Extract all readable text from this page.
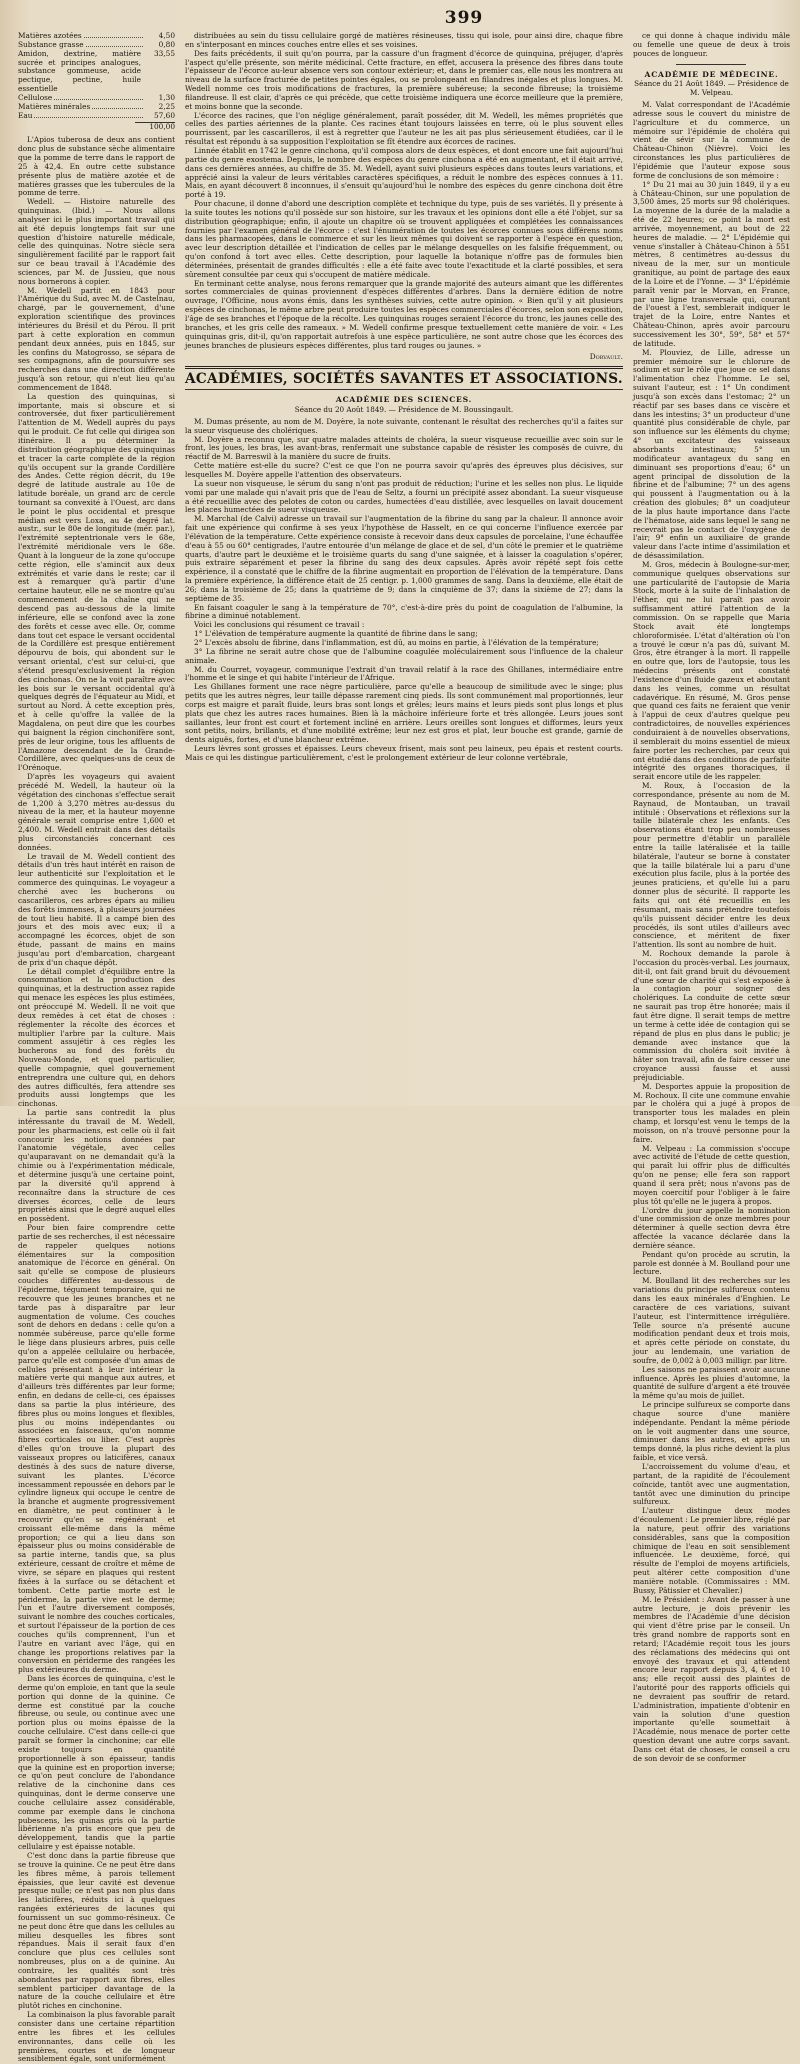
399
Matières azotées	4,50
Substance grasse	0,80
Amidon, dextrine, matière sucrée et principes analogues, substance gommeuse, acide pectique, pectine, huile essentielle
33,55
Cellulose	1,30
Matières minérales	2,25
Eau	57,60
100,00

L'Apios tuberosa de deux ans contient donc plus de substance sèche alimentaire que la pomme de terre dans le rapport de 25 à 42,4. En outre cette substance présente plus de matière azotée et de matières grasses que les tubercules de la pomme de terre.

Wedell. — Histoire naturelle des quinquinas. (Ibid.) — Nous allons analyser ici le plus important travail qui ait été depuis longtemps fait sur une question d'histoire naturelle médicale, celle des quinquinas. Notre siècle sera singulièrement facilité par le rapport fait sur ce beau travail à l'Académie des sciences, par M. de Jussieu, que nous nous bornerons à copier.

M. Wedell partit en 1843 pour l'Amérique du Sud, avec M. de Castelnau, chargé, par le gouvernement, d'une exploration scientifique des provinces intérieures du Brésil et du Pérou. Il prit part à cette exploration en commun pendant deux années, puis en 1845, sur les confins du Matogrosso, se sépara de ses compagnons, afin de poursuivre ses recherches dans une direction différente jusqu'à son retour, qui n'eut lieu qu'au commencement de 1848.

La question des quinquinas, si importante, mais si obscure et si controversée, dut fixer particulièrement l'attention de M. Wedell auprès du pays qui le produit. Ce fut celle qui dirigea son itinéraire. Il a pu déterminer la distribution géographique des quinquinas et tracer la carte complète de la région qu'ils occupent sur la grande Cordillère des Andes. Cette région décrit, du 19e degré de latitude australe au 10e de latitude boréale, un grand arc de cercle tournant sa convexité à l'Ouest, arc dans le point le plus occidental et presque médian est vers Loxa, au 4e degré lat. austr., sur le 80e de longitude (mér. par.), l'extrémité septentrionale vers le 68e, l'extrémité méridionale vers le 68e. Quant à la longueur de la zone qu'occupe cette région, elle s'amincit aux deux extrémités et varie dans le reste; car il est à remarquer qu'à partir d'une certaine hauteur, elle ne se montre qu'au commencement de la chaîne qui ne descend pas au-dessous de la limite inférieure, elle se confond avec la zone des forêts et cesse avec elle. Or, comme dans tout cet espace le versant occidental de la Cordillère est presque entièrement dépourvu de bois, qui abondent sur le versant oriental, c'est sur celui-ci, que s'étend presqu'exclusivement la région des cinchonas. On ne la voit paraître avec les bois sur le versant occidental qu'à quelques degrés de l'équateur au Midi, et surtout au Nord. À cette exception près, et à celle qu'offre la vallée de la Magdalena, on peut dire que les courbes qui baignent la région cinchonifère sont, près de leur origine, tous les affluents de l'Amazone descendant de la Grande-Cordillère, avec quelques-uns de ceux de l'Orénoque.

D'après les voyageurs qui avaient précédé M. Wedell, la hauteur où la végétation des cinchonas s'effectue serait de 1,200 à 3,270 mètres au-dessus du niveau de la mer, et la hauteur moyenne générale serait comprise entre 1,600 et 2,400. M. Wedell entrait dans des détails plus circonstanciés concernant ces données.

Le travail de M. Wedell contient des détails d'un très haut intérêt en raison de leur authenticité sur l'exploitation et le commerce des quinquinas. Le voyageur a cherché avec les bucherons ou cascarilleros, ces arbres épars au milieu des forêts immenses, à plusieurs journées de tout lieu habité. Il a campé bien des jours et des mois avec eux; il a accompagné les écorces, objet de son étude, passant de mains en mains jusqu'au port d'embarcation, chargeant de prix d'un chaque dépôt.

Le détail complet d'équilibre entre la consommation et la production des quinquinas, et la destruction assez rapide qui menace les espèces les plus estimées, ont préoccupé M. Wedell. Il ne voit que deux remèdes à cet état de choses : réglementer la récolte des écorces et multiplier l'arbre par la culture. Mais comment assujétir à ces règles les bucherons au fond des forêts du Nouveau-Monde, et quel particulier, quelle compagnie, quel gouvernement entreprendra une culture qui, en dehors des autres difficultés, fera attendre ses produits aussi longtemps que les cinchonas.

La partie sans contredit la plus intéressante du travail de M. Wedell, pour les pharmaciens, est celle où il fait concourir les notions données par l'anatomie végétale, avec celles qu'auparavant on ne demandait qu'à la chimie ou à l'expérimentation médicale, et détermine jusqu'à une certaine point, par la diversité qu'il apprend à reconnaître dans la structure de ces diverses écorces, celle de leurs propriétés ainsi que le degré auquel elles en possèdent.

Pour bien faire comprendre cette partie de ses recherches, il est nécessaire de rappeler quelques notions élémentaires sur la composition anatomique de l'écorce en général. On sait qu'elle se compose de plusieurs couches différentes au-dessous de l'épiderme, tégument temporaire, qui ne recouvre que les jeunes branches et ne tarde pas à disparaître par leur augmentation de volume. Ces couches sont de dehors en dedans : celle qu'on a nommée subéreuse, parce qu'elle forme le liège dans plusieurs arbres, puis celle qu'on a appelée cellulaire ou herbacée, parce qu'elle est composée d'un amas de cellules présentant à leur intérieur la matière verte qui manque aux autres, et d'ailleurs très différentes par leur forme; enfin, en dedans de celle-ci, ces épaisses dans sa partie la plus intérieure, des fibres plus ou moins longues et flexibles, plus ou moins indépendantes ou associées en faisceaux, qu'on nomme fibres corticales ou liber. C'est auprès d'elles qu'on trouve la plupart des vaisseaux propres ou laticifères, canaux destinés à des sucs de nature diverse, suivant les plantes. L'écorce incessamment repoussée en dehors par le cylindre ligneux qui occupe le centre de la branche et augmente progressivement en diamètre, ne peut continuer à le recouvrir qu'en se régénérant et croissant elle-même dans la même proportion; ce qui a lieu dans son épaisseur plus ou moins considérable de sa partie interne, tandis que, sa plus extérieure, cessant de croître et même de vivre, se sépare en plaques qui restent fixées à la surface ou se détachent et tombent. Cette partie morte est le périderme, la partie vive est le derme; l'un et l'autre diversement composés, suivant le nombre des couches corticales, et surtout l'épaisseur de la portion de ces couches qu'ils comprennent, l'un et l'autre en variant avec l'âge, qui en change les proportions relatives par la conversion en périderme des rangées les plus extérieures du derme.

Dans les écorces de quinquina, c'est le derme qu'on emploie, en tant que la seule portion qui donne de la quinine. Ce derme est constitué par la couche fibreuse, ou seule, ou continue avec une portion plus ou moins épaisse de la couche cellulaire. C'est dans celle-ci que paraît se former la cinchonine; car elle existe toujours en quantité proportionnelle à son épaisseur, tandis que la quinine est en proportion inverse; ce qu'on peut conclure de l'abondance relative de la cinchonine dans ces quinquinas, dont le derme conserve une couche cellulaire assez considérable, comme par exemple dans le cinchona pubescens, les quinas gris où la partie libérienne n'a pris encore que peu de développement, tandis que la partie cellulaire y est épaisse notable.

C'est donc dans la partie fibreuse que se trouve la quinine. Ce ne peut être dans les fibres même, à parois tellement épaissies, que leur cavité est devenue presque nulle; ce n'est pas non plus dans les laticifères, réduits ici à quelques rangées extérieures de lacunes qui fournissent un suc gommo-résineux. Ce ne peut donc être que dans les cellules au milieu desquelles les fibres sont répandues. Mais il serait faux d'en conclure que plus ces cellules sont nombreuses, plus on a de quinine. Au contraire, les qualités sont très abondantes par rapport aux fibres, elles semblent participer davantage de la nature de la couche cellulaire et être plutôt riches en cinchonine.

La combinaison la plus favorable paraît consister dans une certaine répartition entre les fibres et les cellules environnantes, dans celle où les premières, courtes et de longueur sensiblement égale, sont uniformément

distribuées au sein du tissu cellulaire gorgé de matières résineuses, tissu qui isole, pour ainsi dire, chaque fibre en s'interposant en minces couches entre elles et ses voisines.

Des faits précédents, il suit qu'on pourra, par la cassure d'un fragment d'écorce de quinquina, préjuger, d'après l'aspect qu'elle présente, son mérite médicinal. Cette fracture, en effet, accusera la présence des fibres dans toute l'épaisseur de l'écorce au-leur absence vers son contour extérieur; et, dans le premier cas, elle nous les montrera au niveau de la surface fracturée de petites pointes égales, ou se prolongeant en filandres inégales et plus longues. M. Wedell nomme ces trois modifications de fractures, la première subéreuse; la seconde fibreuse; la troisième filandreuse. Il est clair, d'après ce qui précède, que cette troisième indiquera une écorce meilleure que la première, et moins bonne que la seconde.

L'écorce des racines, que l'on néglige généralement, paraît posséder, dit M. Wedell, les mêmes propriétés que celles des parties aériennes de la plante. Ces racines étant toujours laissées en terre, où le plus souvent elles pourrissent, par les cascarilleros, il est à regretter que l'auteur ne les ait pas plus sérieusement étudiées, car il le résultat est répondu à sa supposition l'exploitation se fît étendre aux écorces de racines.

Linnée établit en 1742 le genre cinchona, qu'il composa alors de deux espèces, et dont encore une fait aujourd'hui partie du genre exostema. Depuis, le nombre des espèces du genre cinchona a été en augmentant, et il était arrivé, dans ces dernières années, au chiffre de 35. M. Wedell, ayant suivi plusieurs espèces dans toutes leurs variations, et apprécié ainsi la valeur de leurs véritables caractères spécifiques, a réduit le nombre des espèces connues à 11. Mais, en ayant découvert 8 inconnues, il s'ensuit qu'aujourd'hui le nombre des espèces du genre cinchona doit être porté à 19.

Pour chacune, il donne d'abord une description complète et technique du type, puis de ses variétés. Il y présente à la suite toutes les notions qu'il possède sur son histoire, sur les travaux et les opinions dont elle a été l'objet, sur sa distribution géographique; enfin, il ajoute un chapitre où se trouvent appliquées et complétées les connaissances fournies par l'examen général de l'écorce : c'est l'énumération de toutes les écorces connues sous différens noms dans les pharmacopées, dans le commerce et sur les lieux mêmes qui doivent se rapporter à l'espèce en question, avec leur description détaillée et l'indication de celles par le mélange desquelles on les falsifie fréquemment, ou qu'on confond à tort avec elles. Cette description, pour laquelle la botanique n'offre pas de formules bien déterminées, présentait de grandes difficultés : elle a été faite avec toute l'exactitude et la clarté possibles, et sera sûrement consultée par ceux qui s'occupent de matière médicale.

En terminant cette analyse, nous ferons remarquer que la grande majorité des auteurs aimant que les différentes sortes commerciales de quinas proviennent d'espèces différentes d'arbres. Dans la dernière édition de notre ouvrage, l'Officine, nous avons émis, dans les synthèses suivies, cette autre opinion. « Bien qu'il y ait plusieurs espèces de cinchonas, le même arbre peut produire toutes les espèces commerciales d'écorces, selon son exposition, l'âge de ses branches et l'époque de la récolte. Les quinquinas rouges seraient l'écorce du tronc, les jaunes celle des branches, et les gris celle des rameaux. » M. Wedell confirme presque textuellement cette manière de voir. « Les quinquinas gris, dit-il, qu'on rapportait autrefois à une espèce particulière, ne sont autre chose que les écorces des jeunes branches de plusieurs espèces différentes, plus tard rouges ou jaunes. »

Dorvault.
ACADÉMIES, SOCIÉTÉS SAVANTES ET ASSOCIATIONS.
ACADÉMIE DES SCIENCES.
Séance du 20 Août 1849. — Présidence de M. Boussingault.

M. Dumas présente, au nom de M. Doyère, la note suivante, contenant le résultat des recherches qu'il a faites sur la sueur visqueuse des cholériques.

M. Doyère a reconnu que, sur quatre malades atteints de choléra, la sueur visqueuse recueillie avec soin sur le front, les joues, les bras, les avant-bras, renfermait une substance capable de résister les composés de cuivre, du réactif de M. Barreswil à la manière du sucre de fruits.

Cette matière est-elle du sucre? C'est ce que l'on ne pourra savoir qu'après des épreuves plus décisives, sur lesquelles M. Doyère appelle l'attention des observateurs.

La sueur non visqueuse, le sérum du sang n'ont pas produit de réduction; l'urine et les selles non plus. Le liquide vomi par une malade qui n'avait pris que de l'eau de Seltz, a fourni un précipité assez abondant. La sueur visqueuse a été recueillie avec des pelotes de coton ou cardes, humectées d'eau distillée, avec lesquelles on lavait doucement les places humectées de sueur visqueuse.

M. Marchal (de Calvi) adresse un travail sur l'augmentation de la fibrine du sang par la chaleur. Il annonce avoir fait une expérience qui confirme à ses yeux l'hypothèse de Hasselt, en ce qui concerne l'influence exercée par l'élévation de la température. Cette expérience consiste à recevoir dans deux capsules de porcelaine, l'une échauffée d'eau à 55 ou 60° centigrades, l'autre entourée d'un mélange de glace et de sel, d'un côté le premier et le quatrième quarts, d'autre part le deuxième et le troisième quarts du sang d'une saignée, et à laisser la coagulation s'opérer, puis extraire séparément et peser la fibrine du sang des deux capsules. Après avoir répété sept fois cette expérience, il a constaté que le chiffre de la fibrine augmentait en proportion de l'élévation de la température. Dans la première expérience, la différence était de 25 centigr. p. 1,000 grammes de sang. Dans la deuxième, elle était de 26; dans la troisième de 25; dans la quatrième de 9; dans la cinquième de 37; dans la sixième de 27; dans la septième de 35.

En faisant coaguler le sang à la température de 70°, c'est-à-dire près du point de coagulation de l'albumine, la fibrine a diminué notablement.

Voici les conclusions qui résument ce travail :

1° L'élévation de température augmente la quantité de fibrine dans le sang;

2° L'excès absolu de fibrine, dans l'inflammation, est dû, au moins en partie, à l'élévation de la température;

3° La fibrine ne serait autre chose que de l'albumine coagulée moléculairement sous l'influence de la chaleur animale.

M. du Courret, voyageur, communique l'extrait d'un travail relatif à la race des Ghillanes, intermédiaire entre l'homme et le singe et qui habite l'intérieur de l'Afrique.

Les Ghillanes forment une race nègre particulière, parce qu'elle a beaucoup de similitude avec le singe; plus petits que les autres nègres, leur taille dépasse rarement cinq pieds. Ils sont communément mal proportionnés, leur corps est maigre et paraît fluide, leurs bras sont longs et grêles; leurs mains et leurs pieds sont plus longs et plus plats que chez les autres races humaines. Bien là la mâchoire inférieure forte et très allongée. Leurs joues sont saillantes, leur front est court et fortement incliné en arrière. Leurs oreilles sont longues et difformes, leurs yeux sont petits, noirs, brillants, et d'une mobilité extrême; leur nez est gros et plat, leur bouche est grande, garnie de dents aiguës, fortes, et d'une blancheur extrême.

Leurs lèvres sont grosses et épaisses. Leurs cheveux frisent, mais sont peu laineux, peu épais et restent courts. Mais ce qui les distingue particulièrement, c'est le prolongement extérieur de leur colonne vertébrale,

ce qui donne à chaque individu mâle ou femelle une queue de deux à trois pouces de longueur.

ACADÉMIE DE MÉDECINE.
Séance du 21 Août 1849. — Présidence de M. Velpeau.

M. Valat correspondant de l'Académie adresse sous le couvert du ministre de l'agriculture et du commerce, un mémoire sur l'épidémie de choléra qui vient de sévir sur la commune de Château-Chinon (Nièvre). Voici les circonstances les plus particulières de l'épidémie que l'auteur expose sous forme de conclusions de son mémoire :

1° Du 21 mai au 30 juin 1849, il y a eu à Château-Chinon, sur une population de 3,500 âmes, 25 morts sur 98 cholériques. La moyenne de la durée de la maladie a été de 22 heures; ce point la mort est arrivée, moyennement, au bout de 22 heures de maladie. — 2° L'épidémie qui venue s'installer à Château-Chinon à 551 mètres, 8 centimètres au-dessus du niveau de la mer, sur un monticule granitique, au point de partage des eaux de la Loire et de l'Yonne. — 3° L'épidémie paraît venir par le Morvan, en France, par une ligne transversale qui, courant de l'ouest à l'est, semblerait indiquer le trajet de la Loire, entre Nantes et Château-Chinon, après avoir parcouru successivement les 30°, 59°, 58° et 57° de latitude.

M. Plouviez, de Lille, adresse un premier mémoire sur le chlorure de sodium et sur le rôle que joue ce sel dans l'alimentation chez l'homme. Le sel, suivant l'auteur, est : 1° Un condiment jusqu'à son excès dans l'estomac; 2° un réactif par ses bases dans ce viscère et dans les intestins; 3° un producteur d'une quantité plus considérable de chyle, par son influence sur les éléments du chyme; 4° un excitateur des vaisseaux absorbants intestinaux; 5° un modificateur avantageux du sang en diminuant ses proportions d'eau; 6° un agent principal de dissolution de la fibrine et de l'albumine; 7° un des agens qui poussent à l'augmentation ou à la création des globules; 8° un coadjuteur de la plus haute importance dans l'acte de l'hématose, aide sans lequel le sang ne recevrait pas le contact de l'oxygène de l'air; 9° enfin un auxiliaire de grande valeur dans l'acte intime d'assimilation et de désassimilation.

M. Gros, médecin à Boulogne-sur-mer, communique quelques observations sur une particularité de l'autopsie de Maria Stock, morte à la suite de l'inhalation de l'éther, qui ne lui paraît pas avoir suffisamment attiré l'attention de la commission. On se rappelle que Maria Stock avait été longtemps chloroformisée. L'état d'altération où l'on a trouvé le cœur n'a pas dû, suivant M. Gros, être étranger à la mort. Il rappelle en outre que, lors de l'autopsie, tous les médecins présents ont constaté l'existence d'un fluide gazeux et aboutant dans les veines, comme un résultat cadavérique. En résumé, M. Gros pense que quand ces faits ne feraient que venir à l'appui de ceux d'autres quelque peu contradictoires, de nouvelles expériences conduiraient à de nouvelles observations, il semblerait du moins essentiel de mieux faire porter les recherches, par ceux qui ont étudié dans des conditions de parfaite intégrité des organes thoraciques, il serait encore utile de les rappeler.

M. Roux, à l'occasion de la correspondance, présente au nom de M. Raynaud, de Montauban, un travail intitulé : Observations et réflexions sur la taille bilatérale chez les enfants. Ces observations étant trop peu nombreuses pour permettre d'établir un parallèle entre la taille latéralisée et la taille bilatérale, l'auteur se borne à constater que la taille bilatérale lui a paru d'une exécution plus facile, plus à la portée des jeunes praticiens, et qu'elle lui a paru donner plus de sécurité. Il rapporte les faits qui ont été recueillis en les résumant, mais sans prétendre toutefois qu'ils puissent décider entre les deux procédés, ils sont utiles d'ailleurs avec conscience, et méritent de fixer l'attention. Ils sont au nombre de huit.

M. Rochoux demande la parole à l'occasion du procès-verbal. Les journaux, dit-il, ont fait grand bruit du dévouement d'une sœur de charité qui s'est exposée à la contagion pour soigner des cholériques. La conduite de cette sœur ne saurait pas trop être honorée; mais il faut être digne. Il serait temps de mettre un terme à cette idée de contagion qui se répand de plus en plus dans le public; je demande avec instance que la commission du choléra soit invitée à hâter son travail, afin de faire cesser une croyance aussi fausse et aussi préjudiciable.

M. Desportes appuie la proposition de M. Rochoux. Il cite une commune envahie par le choléra qui a jugé à propos de transporter tous les malades en plein champ, et lorsqu'est venu le temps de la moisson, on n'a trouvé personne pour la faire.

M. Velpeau : La commission s'occupe avec activité de l'étude de cette question, qui paraît lui offrir plus de difficultés qu'on ne pense; elle fera son rapport quand il sera prêt; nous n'avons pas de moyen coercitif pour l'obliger à le faire plus tôt qu'elle ne le jugera à propos.

L'ordre du jour appelle la nomination d'une commission de onze membres pour déterminer à quelle section devra être affectée la vacance déclarée dans la dernière séance.

Pendant qu'on procède au scrutin, la parole est donnée à M. Boulland pour une lecture.

M. Boulland lit des recherches sur les variations du principe sulfureux contenu dans les eaux minérales d'Enghien. Le caractère de ces variations, suivant l'auteur, est l'intermittence irrégulière. Telle source n'a présenté aucune modification pendant deux et trois mois, et après cette période on constate, du jour au lendemain, une variation de soufre, de 0,002 à 0,003 milligr. par litre.

Les saisons ne paraissent avoir aucune influence. Après les pluies d'automne, la quantité de sulfure d'argent a été trouvée la même qu'au mois de juillet.

Le principe sulfureux se comporte dans chaque source d'une manière indépendante. Pendant la même période on le voit augmenter dans une source, diminuer dans les autres, et après un temps donné, la plus riche devient la plus faible, et vice versâ.

L'accroissement du volume d'eau, et partant, de la rapidité de l'écoulement coïncide, tantôt avec une augmentation, tantôt avec une diminution du principe sulfureux.

L'auteur distingue deux modes d'écoulement : Le premier libre, réglé par la nature, peut offrir des variations considérables, sans que la composition chimique de l'eau en soit sensiblement influencée. Le deuxième, forcé, qui résulte de l'emploi de moyens artificiels, peut altérer cette composition d'une manière notable. (Commissaires : MM. Bussy, Pâtissier et Chevalier.)

M. le Président : Avant de passer à une autre lecture, je dois prévenir les membres de l'Académie d'une décision qui vient d'être prise par le conseil. Un très grand nombre de rapports sont en retard; l'Académie reçoit tous les jours des réclamations des médecins qui ont envoyé des travaux et qui attendent encore leur rapport depuis 3, 4, 6 et 10 ans; elle reçoit aussi des plaintes de l'autorité pour des rapports officiels qui ne devraient pas souffrir de retard. L'administration, impatiente d'obtenir en vain la solution d'une question importante qu'elle soumettait à l'Académie, nous menace de porter cette question devant une autre corps savant. Dans cet état de choses, le conseil a cru de son devoir de se conformer
